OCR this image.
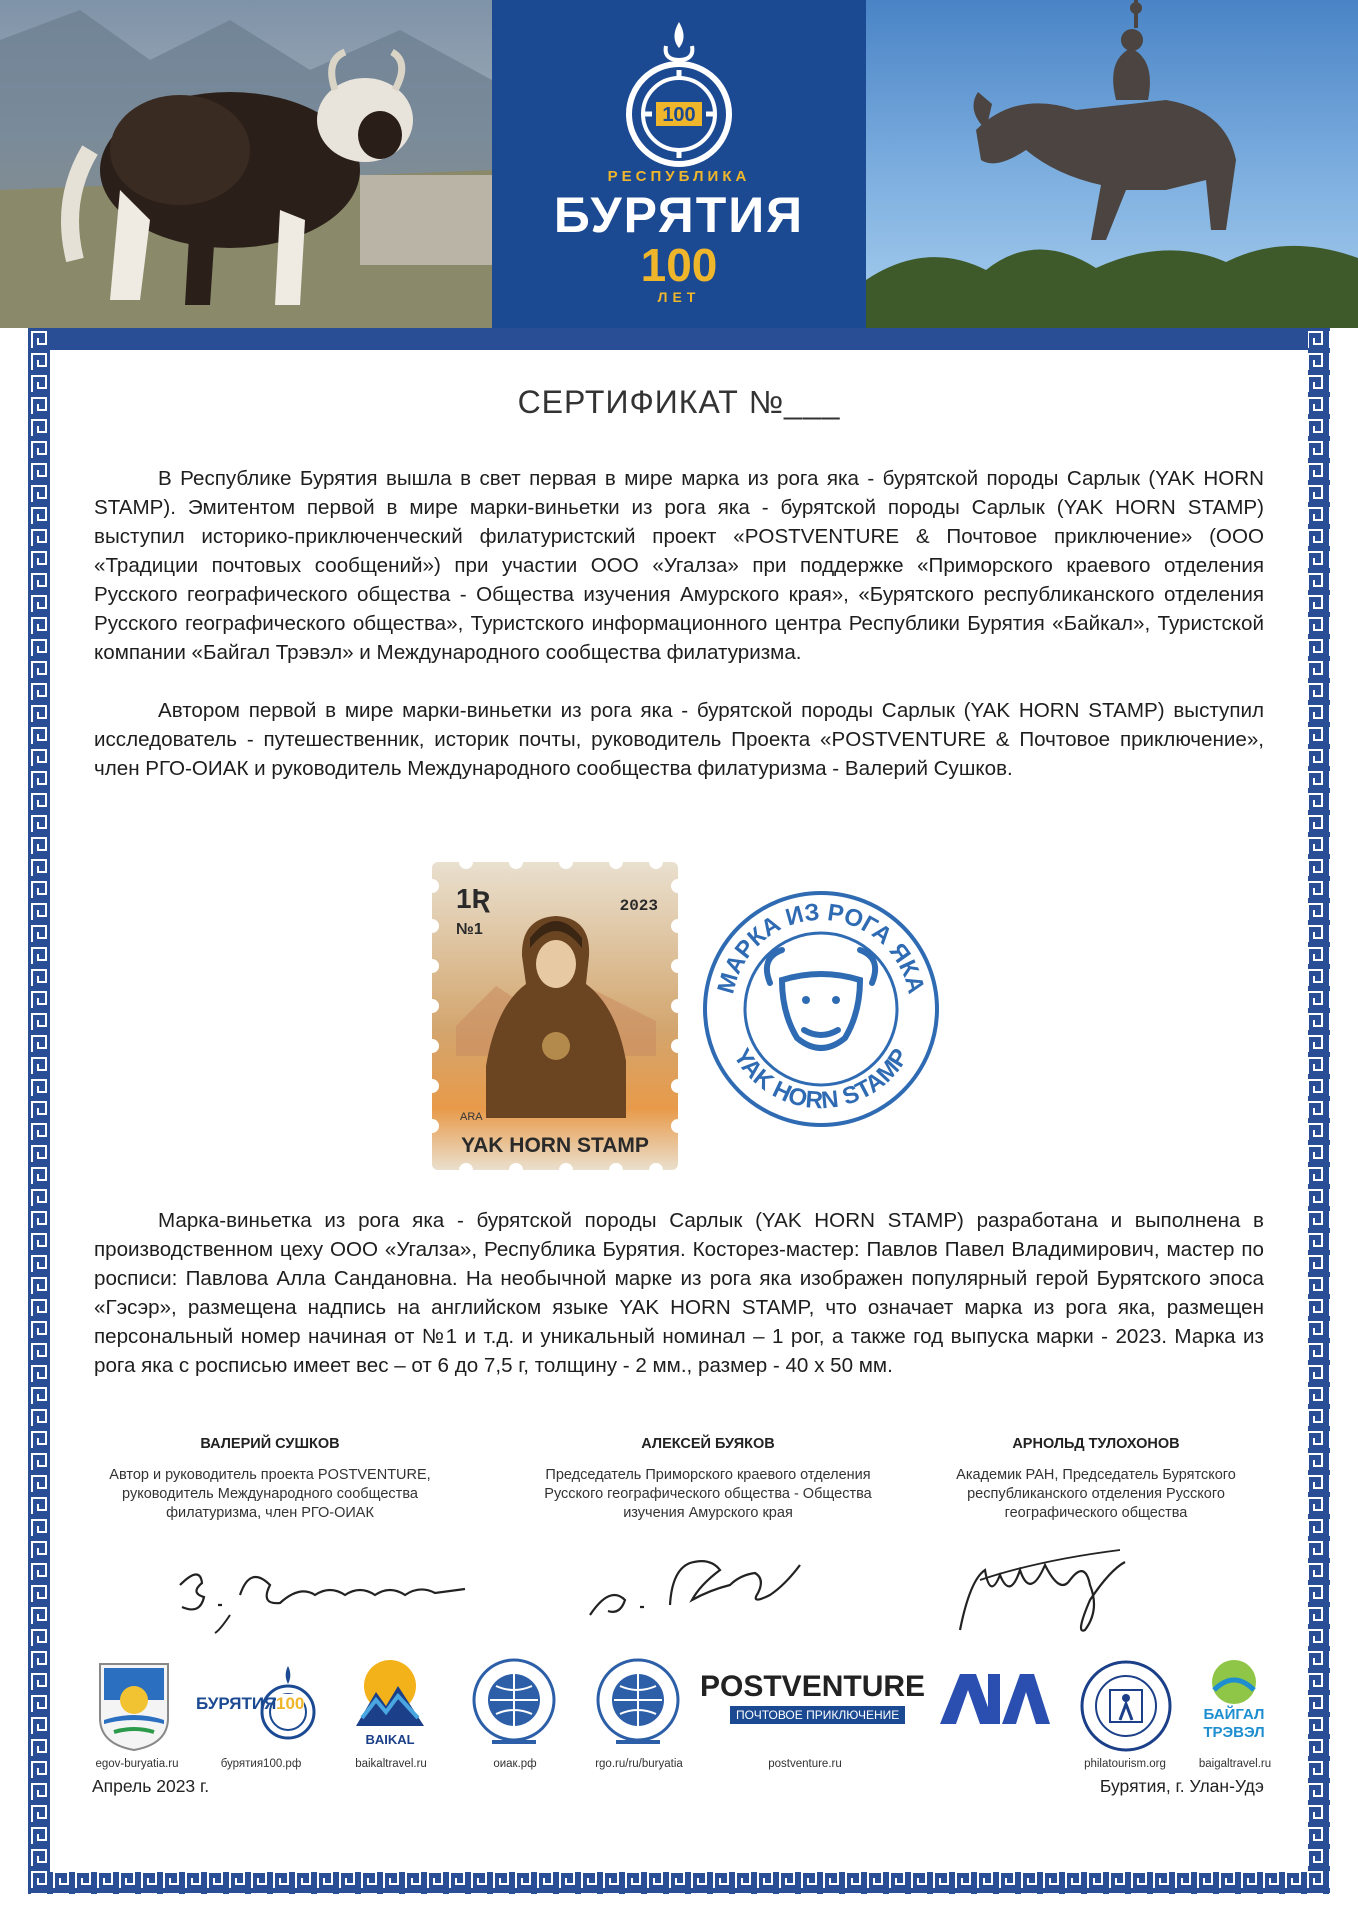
100
РЕСПУБЛИКА
БУРЯТИЯ
100
ЛЕТ
СЕРТИФИКАТ №___

В Республике Бурятия вышла в свет первая в мире марка из рога яка - бурятской породы Сарлык (YAK HORN STAMP). Эмитентом первой в мире марки-виньетки из рога яка - бурятской породы Сарлык (YAK HORN STAMP) выступил историко-приключенческий филатуристский проект «POSTVENTURE & Почтовое приключение» (ООО «Традиции почтовых сообщений») при участии ООО «Угалза» при поддержке «Приморского краевого отделения Русского географического общества - Общества изучения Амурского края», «Бурятского республиканского отделения Русского географического общества», Туристского информационного центра Республики Бурятия «Байкал», Туристской компании «Байгал Трэвэл» и Международного сообщества филатуризма.

Автором первой в мире марки-виньетки из рога яка - бурятской породы Сарлык (YAK HORN STAMP) выступил исследователь - путешественник, историк почты, руководитель Проекта «POSTVENTURE & Почтовое приключение», член РГО-ОИАК и руководитель Международного сообщества филатуризма - Валерий Сушков.

1Ʀ
№1
2023
ARA
YAK HORN STAMP
МАРКА ИЗ РОГА ЯКА
YAK HORN STAMP

Марка-виньетка из рога яка - бурятской породы Сарлык (YAK HORN STAMP) разработана и выполнена в производственном цеху ООО «Угалза», Республика Бурятия. Косторез-мастер: Павлов Павел Владимирович, мастер по росписи: Павлова Алла Сандановна. На необычной марке из рога яка изображен популярный герой Бурятского эпоса «Гэсэр», размещена надпись на английском языке YAK HORN STAMP, что означает марка из рога яка, размещен персональный номер начиная от №1 и т.д. и уникальный номинал – 1 рог, а также год выпуска марки - 2023. Марка из рога яка с росписью имеет вес – от 6 до 7,5 г, толщину - 2 мм., размер - 40 х 50 мм.

ВАЛЕРИЙ СУШКОВ
Автор и руководитель проекта POSTVENTURE, руководитель Международного сообщества филатуризма, член РГО-ОИАК
АЛЕКСЕЙ БУЯКОВ
Председатель Приморского краевого отделения Русского географического общества - Общества изучения Амурского края
АРНОЛЬД ТУЛОХОНОВ
Академик РАН, Председатель Бурятского республиканского отделения Русского географического общества
БУРЯТИЯ 100
BAIKAL
POSTVENTURE
ПОЧТОВОЕ ПРИКЛЮЧЕНИЕ	БАЙГАЛ
ТРЭВЭЛ
egov-buryatia.ru	бурятия100.рф	baikaltravel.ru	оиак.рф	rgo.ru/ru/buryatia	postventure.ru	philatourism.org	baigaltravel.ru
Апрель 2023 г.	Бурятия, г. Улан-Удэ
